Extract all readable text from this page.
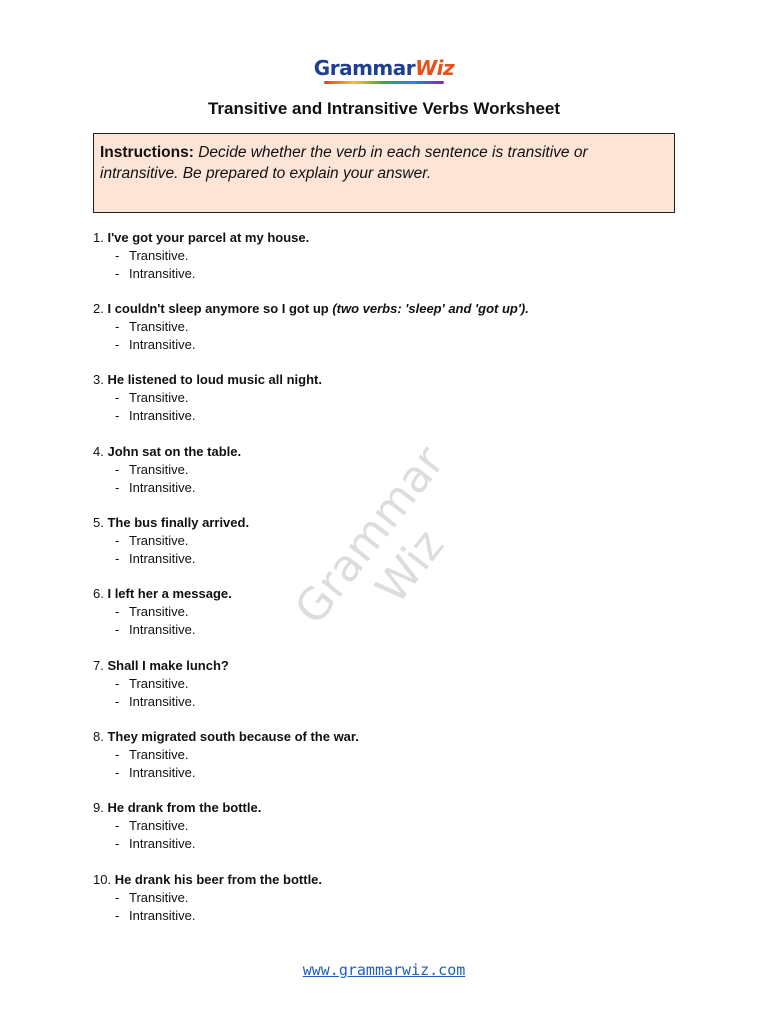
GrammarWiz
Transitive and Intransitive Verbs Worksheet
Instructions: Decide whether the verb in each sentence is transitive or intransitive. Be prepared to explain your answer.
Grammar Wiz
1. I've got your parcel at my house.
- Transitive.
- Intransitive.
2. I couldn't sleep anymore so I got up (two verbs: 'sleep' and 'got up').
- Transitive.
- Intransitive.
3. He listened to loud music all night.
- Transitive.
- Intransitive.
4. John sat on the table.
- Transitive.
- Intransitive.
5. The bus finally arrived.
- Transitive.
- Intransitive.
6. I left her a message.
- Transitive.
- Intransitive.
7. Shall I make lunch?
- Transitive.
- Intransitive.
8. They migrated south because of the war.
- Transitive.
- Intransitive.
9. He drank from the bottle.
- Transitive.
- Intransitive.
10. He drank his beer from the bottle.
- Transitive.
- Intransitive.
www.grammarwiz.com
